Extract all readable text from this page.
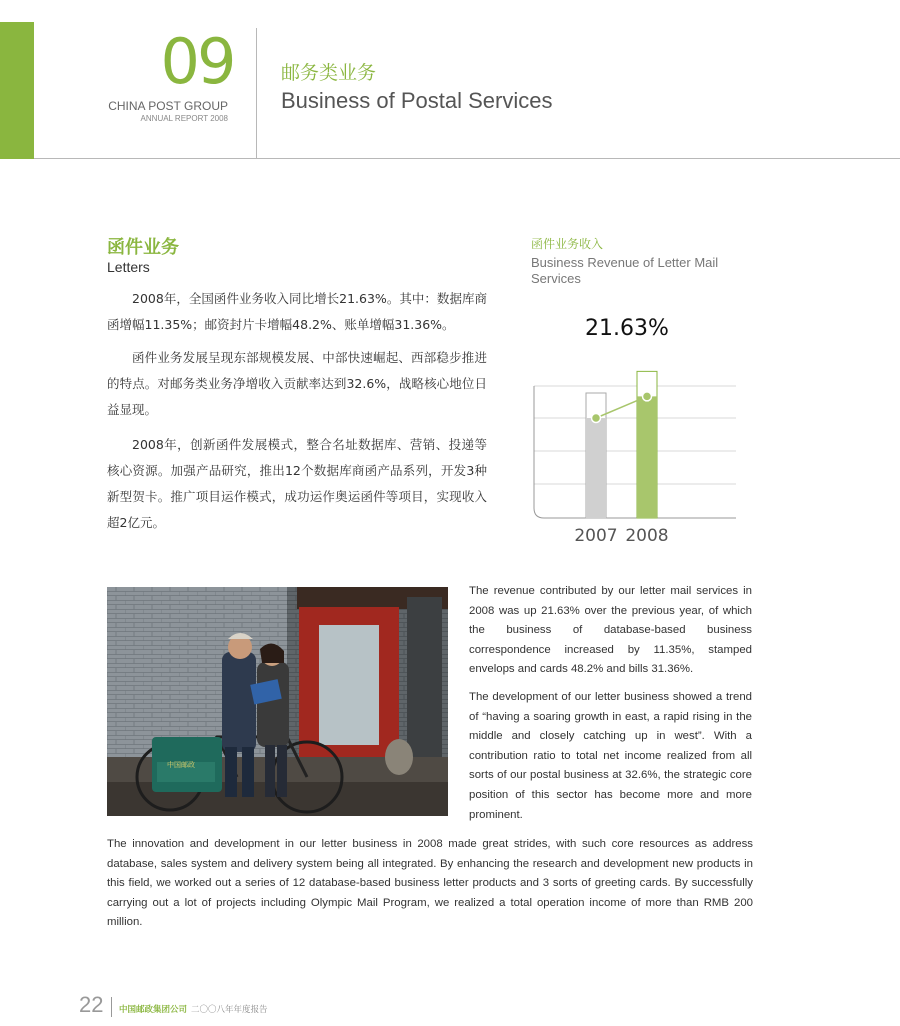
09
CHINA POST GROUP
ANNUAL REPORT 2008
邮务类业务
Business of Postal Services
函件业务
Letters

2008年，全国函件业务收入同比增长21.63%。其中：数据库商函增幅11.35%；邮资封片卡增幅48.2%、账单增幅31.36%。

函件业务发展呈现东部规模发展、中部快速崛起、西部稳步推进的特点。对邮务类业务净增收入贡献率达到32.6%，战略核心地位日益显现。

2008年，创新函件发展模式，整合名址数据库、营销、投递等核心资源。加强产品研究，推出12个数据库商函产品系列，开发3种新型贺卡。推广项目运作模式，成功运作奥运函件等项目，实现收入超2亿元。

函件业务收入
Business Revenue of Letter Mail Services
21.63%
2007 2008
中国邮政

The revenue contributed by our letter mail services in 2008 was up 21.63% over the previous year, of which the business of database-based business correspondence increased by 11.35%, stamped envelops and cards 48.2% and bills 31.36%.

The development of our letter business showed a trend of “having a soaring growth in east, a rapid rising in the middle and closely catching up in west”. With a contribution ratio to total net income realized from all sorts of our postal business at 32.6%, the strategic core position of this sector has become more and more prominent.

The innovation and development in our letter business in 2008 made great strides, with such core resources as address database, sales system and delivery system being all integrated. By enhancing the research and development new products in this field, we worked out a series of 12 database-based business letter products and 3 sorts of greeting cards. By successfully carrying out a lot of projects including Olympic Mail Program, we realized a total operation income of more than RMB 200 million.

22 中国邮政集团公司 二〇〇八年年度报告
